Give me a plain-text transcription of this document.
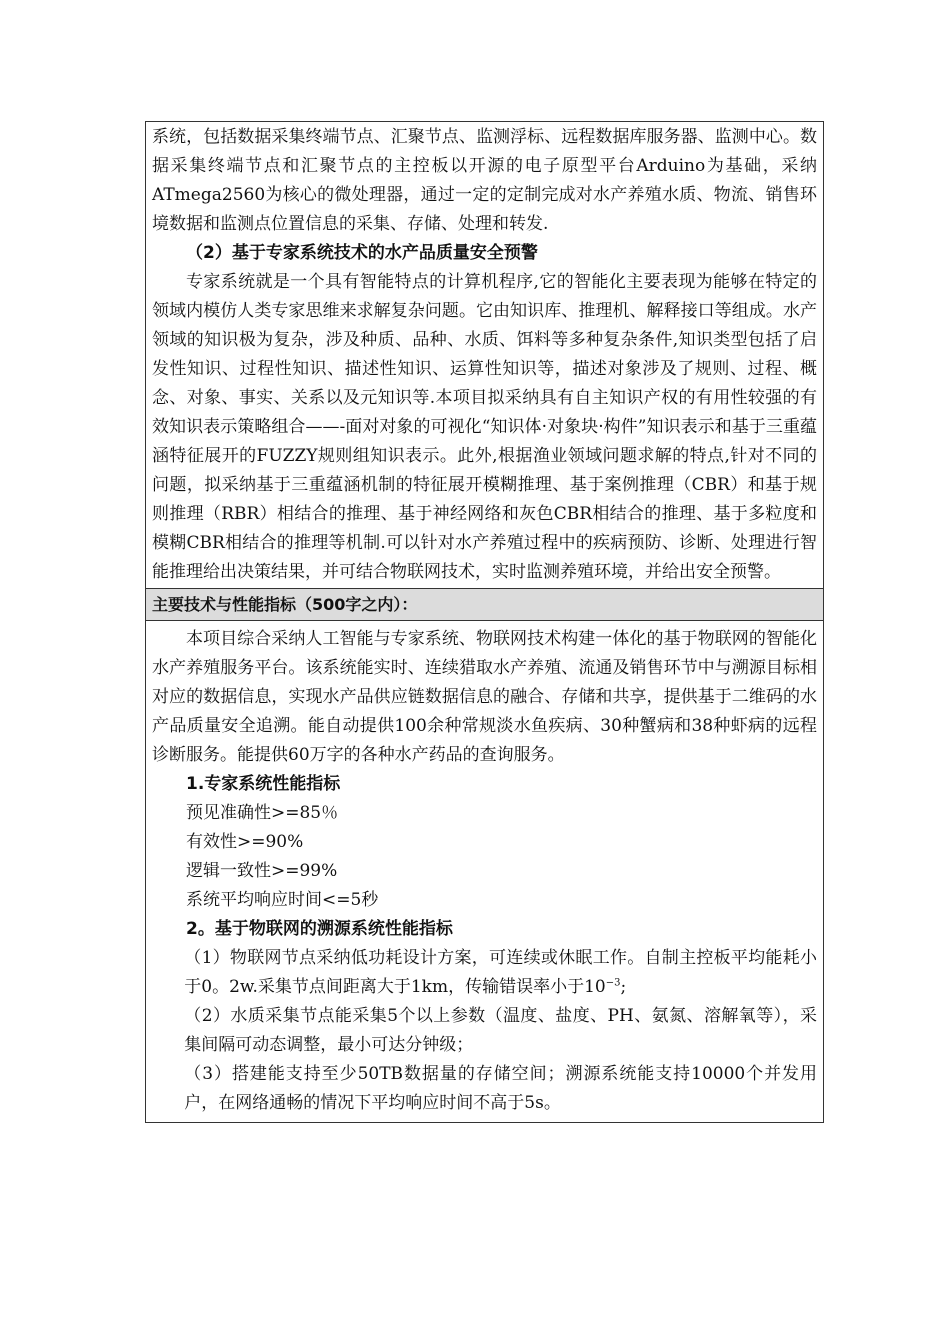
系统，包括数据采集终端节点、汇聚节点、监测浮标、远程数据库服务器、监测中心。数据采集终端节点和汇聚节点的主控板以开源的电子原型平台Arduino为基础，采纳ATmega2560为核心的微处理器，通过一定的定制完成对水产养殖水质、物流、销售环境数据和监测点位置信息的采集、存储、处理和转发.

（2）基于专家系统技术的水产品质量安全预警

专家系统就是一个具有智能特点的计算机程序,它的智能化主要表现为能够在特定的领域内模仿人类专家思维来求解复杂问题。它由知识库、推理机、解释接口等组成。水产领域的知识极为复杂，涉及种质、品种、水质、饵料等多种复杂条件,知识类型包括了启发性知识、过程性知识、描述性知识、运算性知识等，描述对象涉及了规则、过程、概念、对象、事实、关系以及元知识等.本项目拟采纳具有自主知识产权的有用性较强的有效知识表示策略组合——-面对对象的可视化“知识体·对象块·构件”知识表示和基于三重蕴涵特征展开的FUZZY规则组知识表示。此外,根据渔业领域问题求解的特点,针对不同的问题，拟采纳基于三重蕴涵机制的特征展开模糊推理、基于案例推理（CBR）和基于规则推理（RBR）相结合的推理、基于神经网络和灰色CBR相结合的推理、基于多粒度和模糊CBR相结合的推理等机制.可以针对水产养殖过程中的疾病预防、诊断、处理进行智能推理给出决策结果，并可结合物联网技术，实时监测养殖环境，并给出安全预警。

主要技术与性能指标（500字之内）：

本项目综合采纳人工智能与专家系统、物联网技术构建一体化的基于物联网的智能化水产养殖服务平台。该系统能实时、连续猎取水产养殖、流通及销售环节中与溯源目标相对应的数据信息，实现水产品供应链数据信息的融合、存储和共享，提供基于二维码的水产品质量安全追溯。能自动提供100余种常规淡水鱼疾病、30种蟹病和38种虾病的远程诊断服务。能提供60万字的各种水产药品的查询服务。

1.专家系统性能指标

预见准确性>=85％

有效性>=90%

逻辑一致性>=99%

系统平均响应时间<=5秒

2。基于物联网的溯源系统性能指标

（1）物联网节点采纳低功耗设计方案，可连续或休眠工作。自制主控板平均能耗小于0。2w.采集节点间距离大于1km，传输错误率小于$10^{-3}$;

（2）水质采集节点能采集5个以上参数（温度、盐度、PH、氨氮、溶解氧等），采集间隔可动态调整，最小可达分钟级；

（3）搭建能支持至少50TB数据量的存储空间；溯源系统能支持10000个并发用户，在网络通畅的情况下平均响应时间不高于5s。
